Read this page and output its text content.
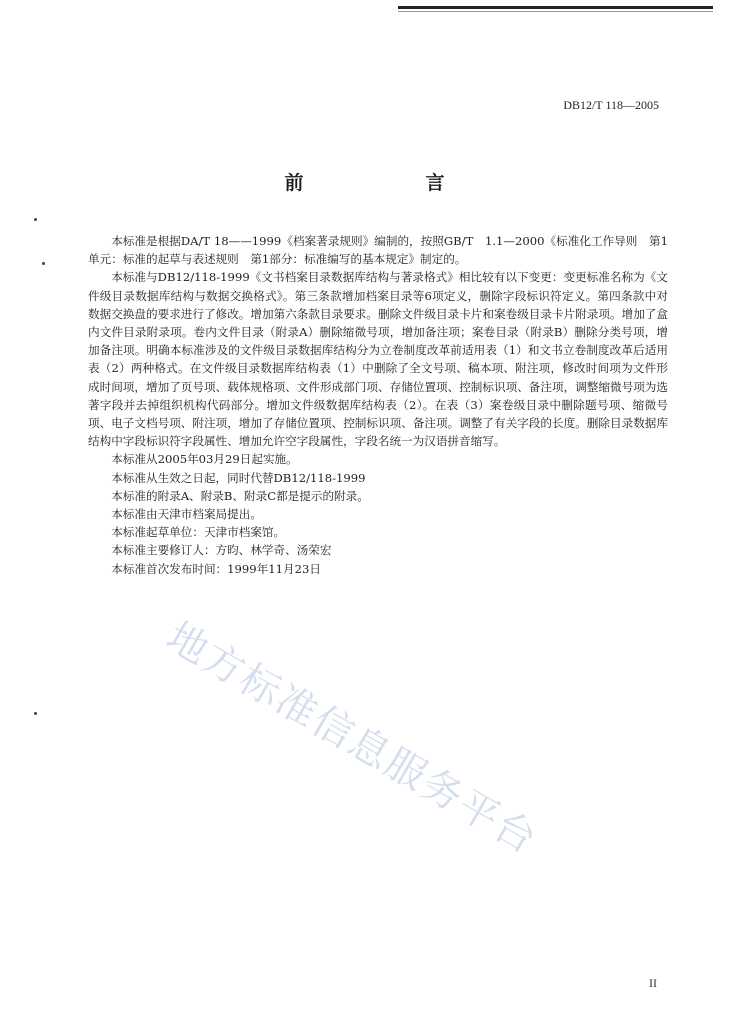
DB12/T 118—2005
前　　言

本标准是根据DA/T 18——1999《档案著录规则》编制的，按照GB/T　1.1—2000《标准化工作导则　第1单元：标准的起草与表述规则　第1部分：标准编写的基本规定》制定的。

本标准与DB12/118-1999《文书档案目录数据库结构与著录格式》相比较有以下变更：变更标准名称为《文件级目录数据库结构与数据交换格式》。第三条款增加档案目录等6项定义，删除字段标识符定义。第四条款中对数据交换盘的要求进行了修改。增加第六条款目录要求。删除文件级目录卡片和案卷级目录卡片附录项。增加了盒内文件目录附录项。卷内文件目录（附录A）删除缩微号项，增加备注项；案卷目录（附录B）删除分类号项，增加备注项。明确本标准涉及的文件级目录数据库结构分为立卷制度改革前适用表（1）和文书立卷制度改革后适用表（2）两种格式。在文件级目录数据库结构表（1）中删除了全文号项、稿本项、附注项，修改时间项为文件形成时间项，增加了页号项、载体规格项、文件形成部门项、存储位置项、控制标识项、备注项，调整缩微号项为选著字段并去掉组织机构代码部分。增加文件级数据库结构表（2）。在表（3）案卷级目录中删除题号项、缩微号项、电子文档号项、附注项，增加了存储位置项、控制标识项、备注项。调整了有关字段的长度。删除目录数据库结构中字段标识符字段属性、增加允许空字段属性，字段名统一为汉语拼音缩写。

本标准从2005年03月29日起实施。

本标准从生效之日起，同时代替DB12/118-1999

本标准的附录A、附录B、附录C都是提示的附录。

本标准由天津市档案局提出。

本标准起草单位：天津市档案馆。

本标准主要修订人：方昀、林学奇、汤荣宏

本标准首次发布时间：1999年11月23日

地方标准信息服务平台
II
